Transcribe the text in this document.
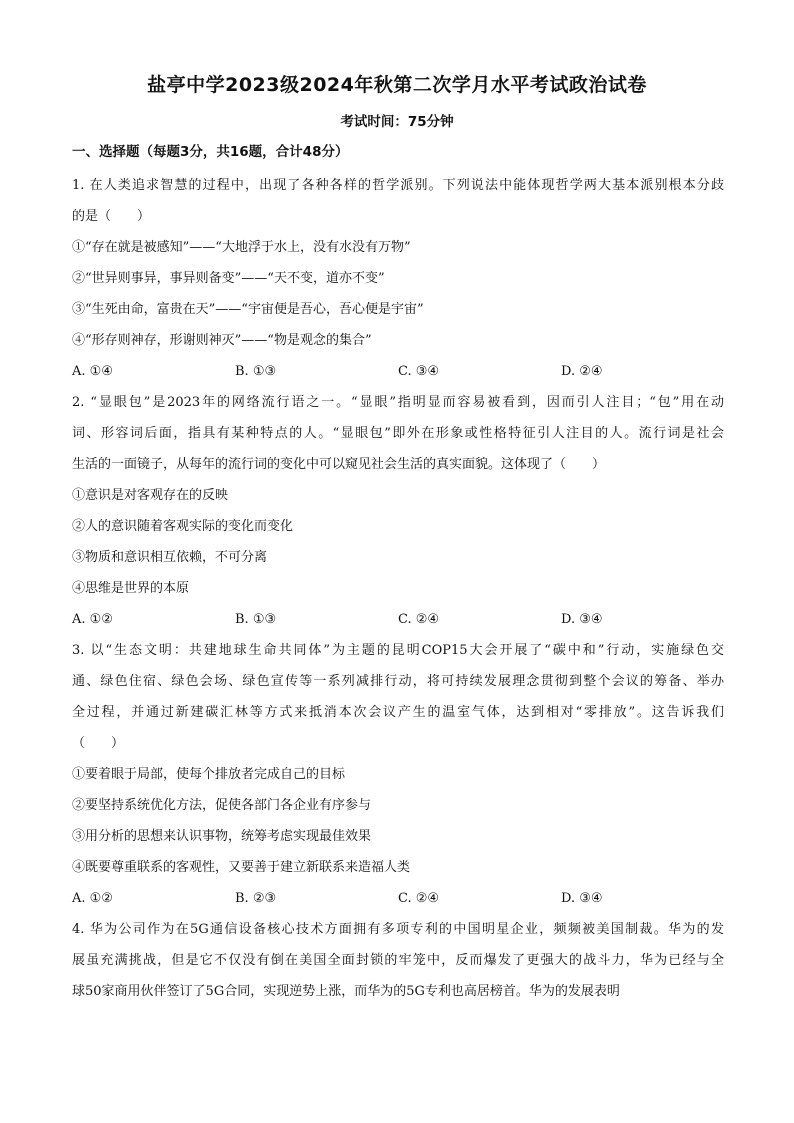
盐亭中学2023级2024年秋第二次学月水平考试政治试卷
考试时间：75分钟
一、选择题（每题3分，共16题，合计48分）
1. 在人类追求智慧的过程中，出现了各种各样的哲学派别。下列说法中能体现哲学两大基本派别根本分歧
的是（　　）
①“存在就是被感知”——“大地浮于水上，没有水没有万物”
②“世异则事异，事异则备变”——“天不变，道亦不变”
③“生死由命，富贵在天”——“宇宙便是吾心，吾心便是宇宙”
④“形存则神存，形谢则神灭”——“物是观念的集合”
A. ①④	B. ①③	C. ③④	D. ②④
2. “显眼包”是2023年的网络流行语之一。“显眼”指明显而容易被看到，因而引人注目；“包”用在动
词、形容词后面，指具有某种特点的人。“显眼包”即外在形象或性格特征引人注目的人。流行词是社会
生活的一面镜子，从每年的流行词的变化中可以窥见社会生活的真实面貌。这体现了（　　）
①意识是对客观存在的反映
②人的意识随着客观实际的变化而变化
③物质和意识相互依赖，不可分离
④思维是世界的本原
A. ①②	B. ①③	C. ②④	D. ③④
3. 以“生态文明：共建地球生命共同体”为主题的昆明COP15大会开展了“碳中和”行动，实施绿色交
通、绿色住宿、绿色会场、绿色宣传等一系列减排行动，将可持续发展理念贯彻到整个会议的筹备、举办
全过程，并通过新建碳汇林等方式来抵消本次会议产生的温室气体，达到相对“零排放”。这告诉我们
（　　）
①要着眼于局部，使每个排放者完成自己的目标
②要坚持系统优化方法，促使各部门各企业有序参与
③用分析的思想来认识事物，统筹考虑实现最佳效果
④既要尊重联系的客观性，又要善于建立新联系来造福人类
A. ①②	B. ②③	C. ②④	D. ③④
4. 华为公司作为在5G通信设备核心技术方面拥有多项专利的中国明星企业，频频被美国制裁。华为的发
展虽充满挑战，但是它不仅没有倒在美国全面封锁的牢笼中，反而爆发了更强大的战斗力，华为已经与全
球50家商用伙伴签订了5G合同，实现逆势上涨，而华为的5G专利也高居榜首。华为的发展表明
